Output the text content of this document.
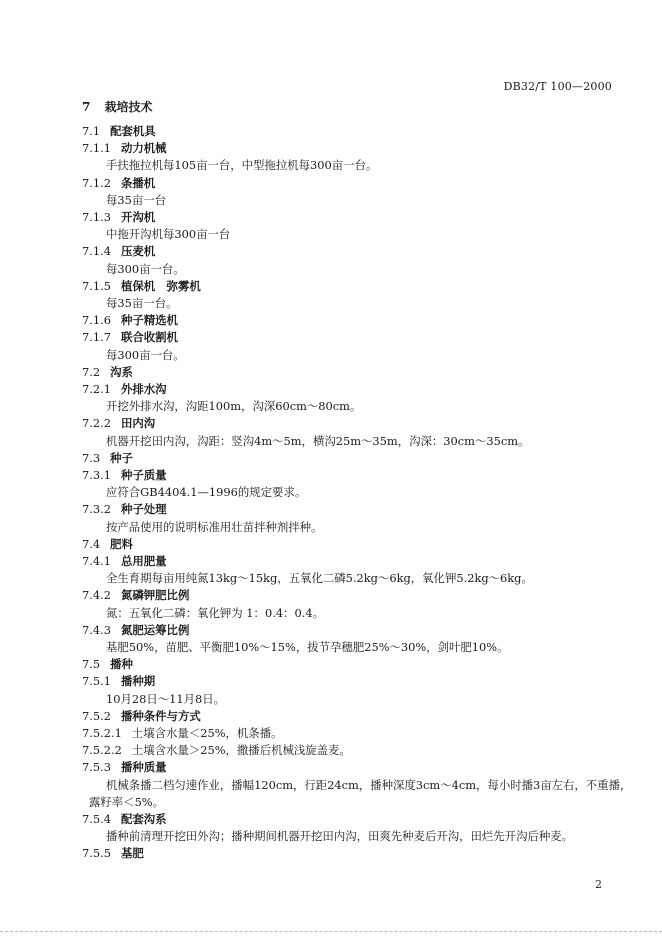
DB32/T 100—2000
7 栽培技术
7.1 配套机具
7.1.1 动力机械
手扶拖拉机每105亩一台，中型拖拉机每300亩一台。
7.1.2 条播机
每35亩一台
7.1.3 开沟机
中拖开沟机每300亩一台
7.1.4 压麦机
每300亩一台。
7.1.5 植保机　弥雾机
每35亩一台。
7.1.6 种子精选机
7.1.7 联合收割机
每300亩一台。
7.2 沟系
7.2.1 外排水沟
开挖外排水沟，沟距100m，沟深60cm～80cm。
7.2.2 田内沟
机器开挖田内沟，沟距：竖沟4m～5m，横沟25m～35m，沟深：30cm～35cm。
7.3 种子
7.3.1 种子质量
应符合GB4404.1—1996的规定要求。
7.3.2 种子处理
按产品使用的说明标准用壮苗拌种剂拌种。
7.4 肥料
7.4.1 总用肥量
全生育期每亩用纯氮13kg～15kg，五氧化二磷5.2kg～6kg，氧化钾5.2kg～6kg。
7.4.2 氮磷钾肥比例
氮：五氧化二磷：氧化钾为 1：0.4：0.4。
7.4.3 氮肥运筹比例
基肥50%，苗肥、平衡肥10%～15%，拔节孕穗肥25%～30%，剑叶肥10%。
7.5 播种
7.5.1 播种期
10月28日～11月8日。
7.5.2 播种条件与方式
7.5.2.1 土壤含水量＜25%，机条播。
7.5.2.2 土壤含水量＞25%，撒播后机械浅旋盖麦。
7.5.3 播种质量
机械条播二档匀速作业，播幅120cm，行距24cm，播种深度3cm～4cm，每小时播3亩左右，不重播，
露籽率＜5%。
7.5.4 配套沟系
播种前清理开挖田外沟；播种期间机器开挖田内沟，田爽先种麦后开沟，田烂先开沟后种麦。
7.5.5 基肥
2
